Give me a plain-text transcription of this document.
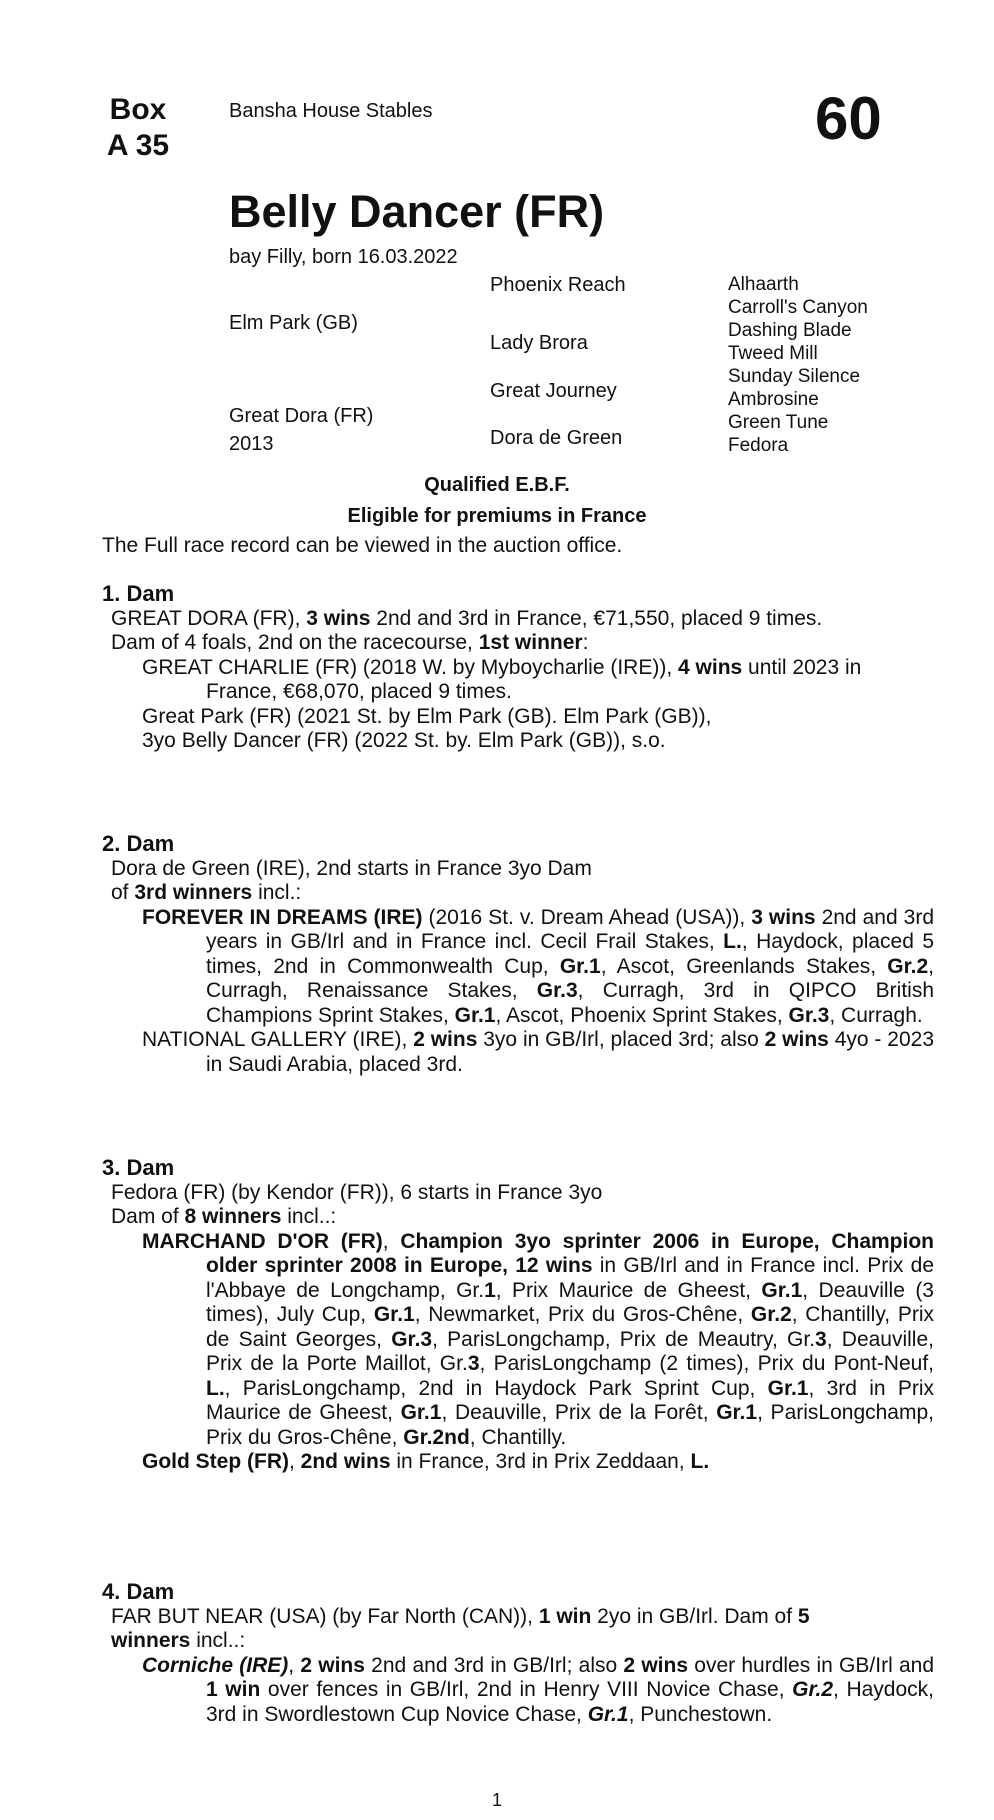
Box
A 35
Bansha House Stables	60
Belly Dancer (FR)
bay Filly, born 16.03.2022
Elm Park (GB)
Great Dora (FR)
2013
Phoenix Reach
Lady Brora
Great Journey
Dora de Green
Alhaarth
Carroll's Canyon
Dashing Blade
Tweed Mill
Sunday Silence
Ambrosine
Green Tune
Fedora
Qualified E.B.F.
Eligible for premiums in France
The Full race record can be viewed in the auction office.
1. Dam

GREAT DORA (FR), 3 wins 2nd and 3rd in France, €71,550, placed 9 times.

Dam of 4 foals, 2nd on the racecourse, 1st winner:

GREAT CHARLIE (FR) (2018 W. by Myboycharlie (IRE)), 4 wins until 2023 in France, €68,070, placed 9 times.

Great Park (FR) (2021 St. by Elm Park (GB). Elm Park (GB)), 3yo Belly Dancer (FR) (2022 St. by. Elm Park (GB)), s.o.

2. Dam

Dora de Green (IRE), 2nd starts in France 3yo Dam

of 3rd winners incl.:

FOREVER IN DREAMS (IRE) (2016 St. v. Dream Ahead (USA)), 3 wins 2nd and 3rd years in GB/Irl and in France incl. Cecil Frail Stakes, L., Haydock, placed 5 times, 2nd in Commonwealth Cup, Gr.1, Ascot, Greenlands Stakes, Gr.2, Curragh, Renaissance Stakes, Gr.3, Curragh, 3rd in QIPCO British Champions Sprint Stakes, Gr.1, Ascot, Phoenix Sprint Stakes, Gr.3, Curragh.

NATIONAL GALLERY (IRE), 2 wins 3yo in GB/Irl, placed 3rd; also 2 wins 4yo - 2023 in Saudi Arabia, placed 3rd.

3. Dam

Fedora (FR) (by Kendor (FR)), 6 starts in France 3yo

Dam of 8 winners incl..:

MARCHAND D'OR (FR), Champion 3yo sprinter 2006 in Europe, Champion older sprinter 2008 in Europe, 12 wins in GB/Irl and in France incl. Prix de l'Abbaye de Longchamp, Gr.1, Prix Maurice de Gheest, Gr.1, Deauville (3 times), July Cup, Gr.1, Newmarket, Prix du Gros-Chêne, Gr.2, Chantilly, Prix de Saint Georges, Gr.3, ParisLongchamp, Prix de Meautry, Gr.3, Deauville, Prix de la Porte Maillot, Gr.3, ParisLongchamp (2 times), Prix du Pont-Neuf, L., ParisLongchamp, 2nd in Haydock Park Sprint Cup, Gr.1, 3rd in Prix Maurice de Gheest, Gr.1, Deauville, Prix de la Forêt, Gr.1, ParisLongchamp, Prix du Gros-Chêne, Gr.2nd, Chantilly.

Gold Step (FR), 2nd wins in France, 3rd in Prix Zeddaan, L.

4. Dam

FAR BUT NEAR (USA) (by Far North (CAN)), 1 win 2yo in GB/Irl. Dam of 5 winners incl..:

Corniche (IRE), 2 wins 2nd and 3rd in GB/Irl; also 2 wins over hurdles in GB/Irl and 1 win over fences in GB/Irl, 2nd in Henry VIII Novice Chase, Gr.2, Haydock, 3rd in Swordlestown Cup Novice Chase, Gr.1, Punchestown.

1
